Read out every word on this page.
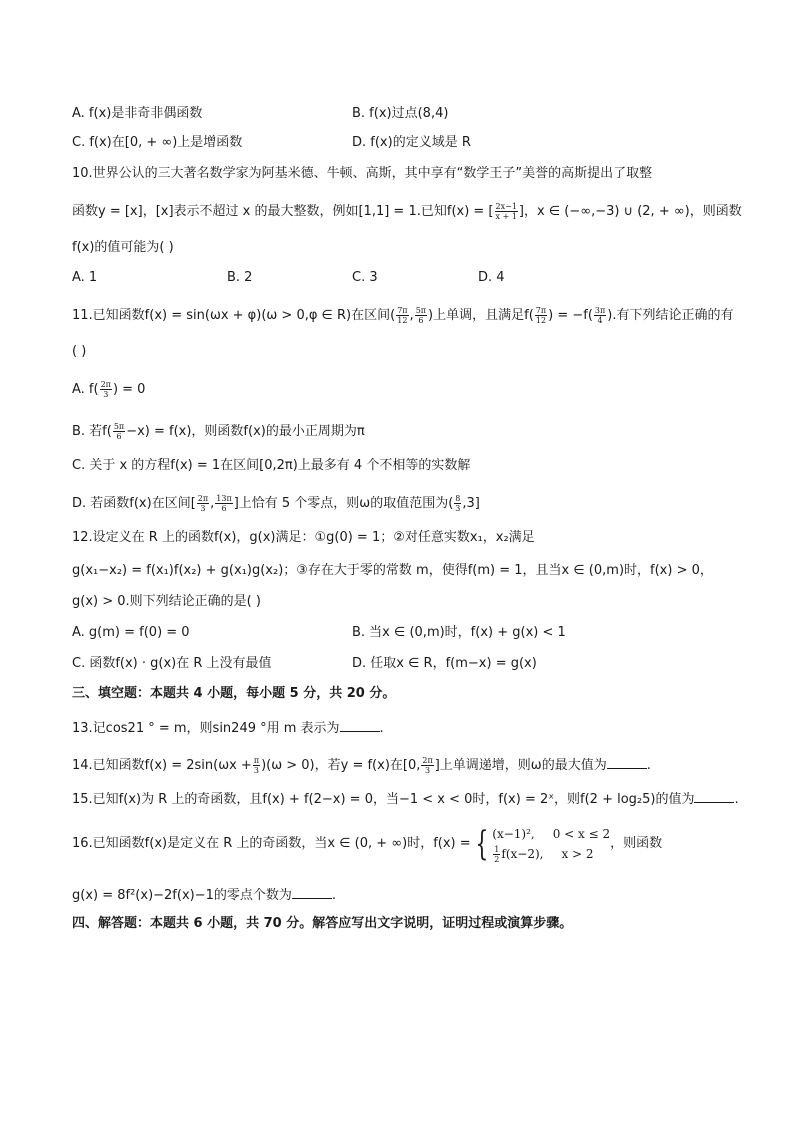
A. f(x)是非奇非偶函数	B. f(x)过点(8,4)
C. f(x)在[0, + ∞)上是增函数	D. f(x)的定义域是 R
10.世界公认的三大著名数学家为阿基米德、牛顿、高斯，其中享有“数学王子”美誉的高斯提出了取整
函数y = [x]，[x]表示不超过 x 的最大整数，例如[1,1] = 1.已知f(x) = [ $\frac{2x-1}{x + 1}$ ]，x ∈ (−∞,−3) ∪ (2, + ∞)，则函数
f(x)的值可能为( )
A. 1	B. 2	C. 3	D. 4
11.已知函数f(x) = sin(ωx + φ)(ω > 0,φ ∈ R)在区间( $\frac{7\pi}{12}$ , $\frac{5\pi}{6}$ )上单调，且满足$f( \frac{7\pi}{12}$ ) = $-f( \frac{3\pi}{4}$ ).有下列结论正确的有
( )
A. $f( \frac{2\pi}{3}$ ) = 0
B. 若$f( \frac{5\pi}{6} -x) = f(x)$，则函数f(x)的最小正周期为π
C. 关于 x 的方程f(x) = 1在区间[0,2π)上最多有 4 个不相等的实数解
D. 若函数f(x)在区间[ $\frac{2\pi}{3}$ , $\frac{13\pi}{6}$ ]上恰有 5 个零点，则ω的取值范围为( $\frac{8}{3} ,3$]
12.设定义在 R 上的函数f(x)，g(x)满足：①g(0) = 1；②对任意实数x₁，x₂满足
g(x₁−x₂) = f(x₁)f(x₂) + g(x₁)g(x₂)；③存在大于零的常数 m，使得f(m) = 1，且当x ∈ (0,m)时，f(x) > 0，
g(x) > 0.则下列结论正确的是( )
A. g(m) = f(0) = 0	B. 当x ∈ (0,m)时，f(x) + g(x) < 1
C. 函数f(x) · g(x)在 R 上没有最值	D. 任取x ∈ R，f(m−x) = g(x)
三、填空题：本题共 4 小题，每小题 5 分，共 20 分。
13.记cos21 ° = m，则sin249 °用 m 表示为	.
14.已知函数$f(x) = 2\sin(\omega x + \frac{\pi}{3} )(\omega > 0)$，若y = f(x)在[0, $\frac{2\pi}{3}$ ]上单调递增，则ω的最大值为	.
15.已知f(x)为 R 上的奇函数，且f(x) + f(2−x) = 0，当−1 < x < 0时，f(x) = 2ˣ，则f(2 + log₂5)的值为	.
16.已知函数f(x)是定义在 R 上的奇函数，当x ∈ (0, + ∞)时，f(x) = { (x−1)², 0 < x ≤ 2
$\frac{1}{2} f(x-2)$, x > 2
，则函数
g(x) = 8f²(x)−2f(x)−1的零点个数为	.
四、解答题：本题共 6 小题，共 70 分。解答应写出文字说明，证明过程或演算步骤。
